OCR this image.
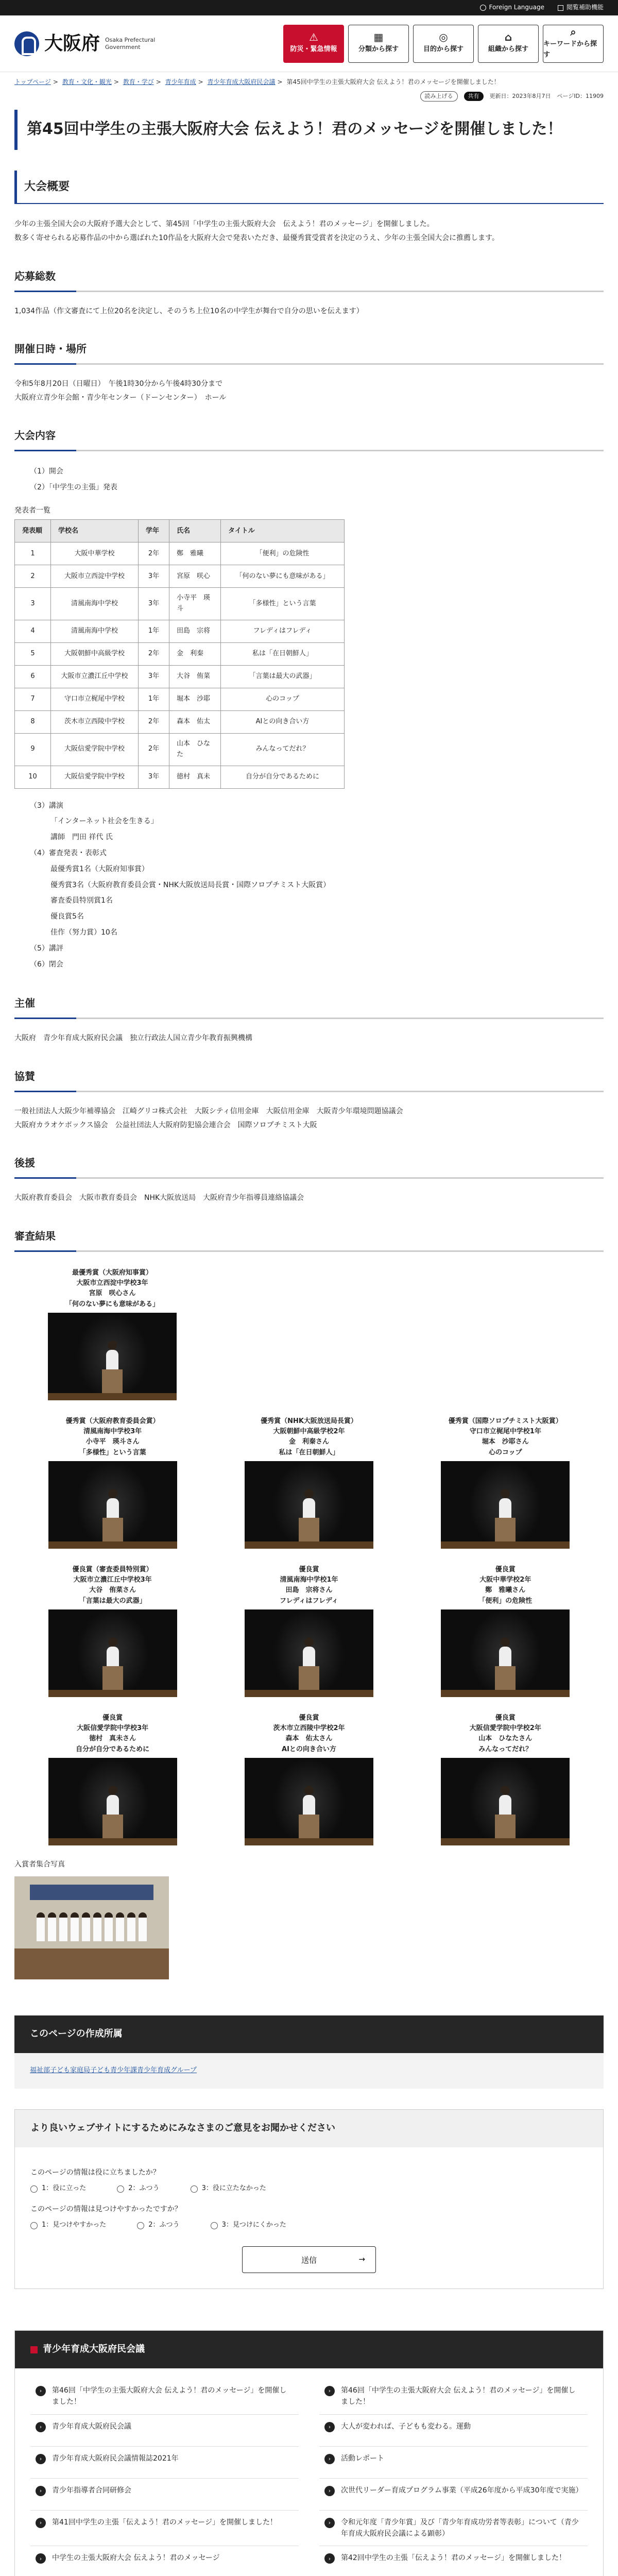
Foreign Language	閲覧補助機能
大阪府 Osaka Prefectural
Government
⚠
防災・緊急情報
▦
分類から探す
◎
目的から探す
⌂
組織から探す
⌕
キーワードから探す
トップページ > 教育・文化・観光 > 教育・学び > 青少年育成 > 青少年育成大阪府民会議 > 第45回中学生の主張大阪府大会 伝えよう！君のメッセージを開催しました！
読み上げる	共有	更新日：2023年8月7日 ページID：11909
第45回中学生の主張大阪府大会 伝えよう！君のメッセージを開催しました！
大会概要

少年の主張全国大会の大阪府予選大会として、第45回「中学生の主張大阪府大会　伝えよう！君のメッセージ」を開催しました。
数多く寄せられる応募作品の中から選ばれた10作品を大阪府大会で発表いただき、最優秀賞受賞者を決定のうえ、少年の主張全国大会に推薦します。

応募総数

1,034作品（作文審査にて上位20名を決定し、そのうち上位10名の中学生が舞台で自分の思いを伝えます）

開催日時・場所

令和5年8月20日（日曜日）　午後1時30分から午後4時30分まで
大阪府立青少年会館・青少年センター（ドーンセンター）　ホール

大会内容
（1）開会
（2）「中学生の主張」発表
発表者一覧
発表順	学校名	学年	氏名	タイトル
1	大阪中華学校	2年	鄭　雅曦	「便利」の危険性
2	大阪市立西淀中学校	3年	宮原　咲心	「何のない夢にも意味がある」
3	清風南海中学校	3年	小寺平　瑛斗	「多様性」という言葉
4	清風南海中学校	1年	田島　宗将	フレディはフレディ
5	大阪朝鮮中高級学校	2年	金　利秦	私は「在日朝鮮人」
6	大阪市立濃江丘中学校	3年	大谷　侑菜	「言葉は最大の武器」
7	守口市立梶尾中学校	1年	堀本　沙耶	心のコップ
8	茨木市立西陵中学校	2年	森本　佑太	AIとの向き合い方
9	大阪信愛学院中学校	2年	山本　ひなた	みんなってだれ？
10	大阪信愛学院中学校	3年	徳村　真未	自分が自分であるために
（3）講演
「インターネット社会を生きる」
講師　門田 祥代 氏
（4）審査発表・表彰式
最優秀賞1名（大阪府知事賞）
優秀賞3名（大阪府教育委員会賞・NHK大阪放送局長賞・国際ソロプチミスト大阪賞）
審査委員特別賞1名
優良賞5名
佳作（努力賞）10名
（5）講評
（6）閉会
主催

大阪府　青少年育成大阪府民会議　独立行政法人国立青少年教育振興機構

協賛

一般社団法人大阪少年補導協会　江崎グリコ株式会社　大阪シティ信用金庫　大阪信用金庫　大阪青少年環境問題協議会
大阪府カラオケボックス協会　公益社団法人大阪府防犯協会連合会　国際ソロプチミスト大阪

後援

大阪府教育委員会　大阪市教育委員会　NHK大阪放送局　大阪府青少年指導員連絡協議会

審査結果
最優秀賞（大阪府知事賞）
大阪市立西淀中学校3年
宮原　咲心さん
「何のない夢にも意味がある」
優秀賞（大阪府教育委員会賞）
清風南海中学校3年
小寺平　瑛斗さん
「多様性」という言葉
優秀賞（NHK大阪放送局長賞）
大阪朝鮮中高級学校2年
金　利秦さん
私は「在日朝鮮人」
優秀賞（国際ソロプチミスト大阪賞）
守口市立梶尾中学校1年
堀本　沙耶さん
心のコップ
優良賞（審査委員特別賞）
大阪市立濃江丘中学校3年
大谷　侑菜さん
「言葉は最大の武器」
優良賞
清風南海中学校1年
田島　宗将さん
フレディはフレディ
優良賞
大阪中華学校2年
鄭　雅曦さん
「便利」の危険性
優良賞
大阪信愛学院中学校3年
徳村　真未さん
自分が自分であるために
優良賞
茨木市立西陵中学校2年
森本　佑太さん
AIとの向き合い方
優良賞
大阪信愛学院中学校2年
山本　ひなたさん
みんなってだれ？
入賞者集合写真
このページの作成所属
福祉部子ども家庭局子ども青少年課青少年育成グループ
より良いウェブサイトにするためにみなさまのご意見をお聞かせください
このページの情報は役に立ちましたか？
1：役に立った	2：ふつう	3：役に立たなかった
このページの情報は見つけやすかったですか？
1：見つけやすかった	2：ふつう	3：見つけにくかった
送信	→
青少年育成大阪府民会議
›	第46回「中学生の主張大阪府大会 伝えよう！君のメッセージ」を開催しました！
›	第46回「中学生の主張大阪府大会 伝えよう！君のメッセージ」を開催しました！
›	青少年育成大阪府民会議	›	大人が変われば、子どもも変わる。運動
›	青少年育成大阪府民会議情報誌2021年	›	活動レポート
›	青少年指導者合同研修会	›	次世代リーダー育成プログラム事業（平成26年度から平成30年度で実施）
›	第41回中学生の主張「伝えよう！君のメッセージ」を開催しました！	›	令和元年度「青少年賞」及び「青少年育成功労者等表彰」について（青少年育成大阪府民会議による顕彰）
›	中学生の主張大阪府大会 伝えよう！君のメッセージ	›	第42回中学生の主張「伝えよう！君のメッセージ」を開催しました！
